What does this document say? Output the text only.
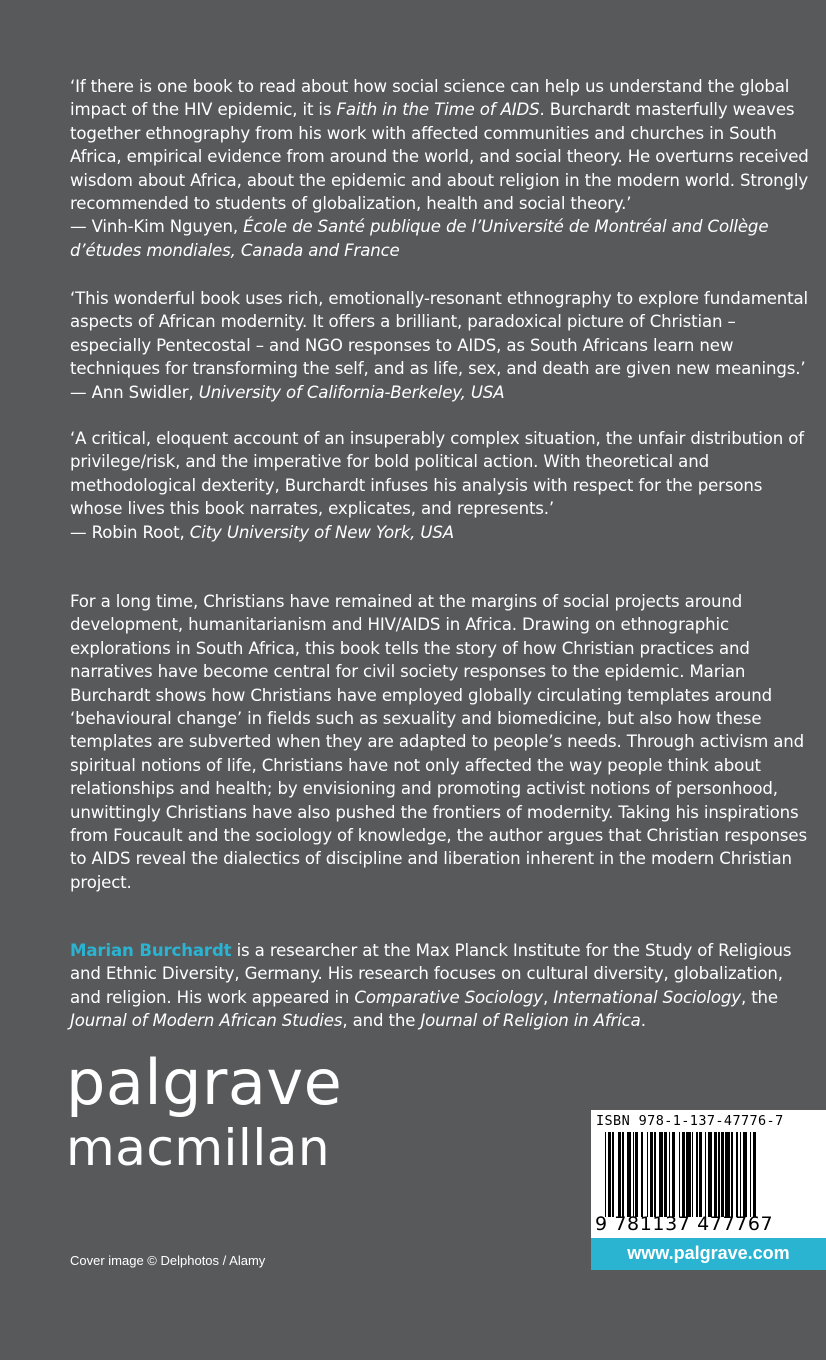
‘If there is one book to read about how social science can help us understand the global
impact of the HIV epidemic, it is Faith in the Time of AIDS. Burchardt masterfully weaves
together ethnography from his work with affected communities and churches in South
Africa, empirical evidence from around the world, and social theory. He overturns received
wisdom about Africa, about the epidemic and about religion in the modern world. Strongly
recommended to students of globalization, health and social theory.’
— Vinh-Kim Nguyen, École de Santé publique de l’Université de Montréal and Collège
d’études mondiales, Canada and France
‘This wonderful book uses rich, emotionally-resonant ethnography to explore fundamental
aspects of African modernity. It offers a brilliant, paradoxical picture of Christian –
especially Pentecostal – and NGO responses to AIDS, as South Africans learn new
techniques for transforming the self, and as life, sex, and death are given new meanings.’
— Ann Swidler, University of California-Berkeley, USA
‘A critical, eloquent account of an insuperably complex situation, the unfair distribution of
privilege/risk, and the imperative for bold political action. With theoretical and
methodological dexterity, Burchardt infuses his analysis with respect for the persons
whose lives this book narrates, explicates, and represents.’
— Robin Root, City University of New York, USA
For a long time, Christians have remained at the margins of social projects around
development, humanitarianism and HIV/AIDS in Africa. Drawing on ethnographic
explorations in South Africa, this book tells the story of how Christian practices and
narratives have become central for civil society responses to the epidemic. Marian
Burchardt shows how Christians have employed globally circulating templates around
‘behavioural change’ in fields such as sexuality and biomedicine, but also how these
templates are subverted when they are adapted to people’s needs. Through activism and
spiritual notions of life, Christians have not only affected the way people think about
relationships and health; by envisioning and promoting activist notions of personhood,
unwittingly Christians have also pushed the frontiers of modernity. Taking his inspirations
from Foucault and the sociology of knowledge, the author argues that Christian responses
to AIDS reveal the dialectics of discipline and liberation inherent in the modern Christian
project.
Marian Burchardt is a researcher at the Max Planck Institute for the Study of Religious
and Ethnic Diversity, Germany. His research focuses on cultural diversity, globalization,
and religion. His work appeared in Comparative Sociology, International Sociology, the
Journal of Modern African Studies, and the Journal of Religion in Africa.
palgrave
macmillan
Cover image © Delphotos / Alamy
ISBN 978-1-137-47776-7
9 781137 477767
www.palgrave.com
